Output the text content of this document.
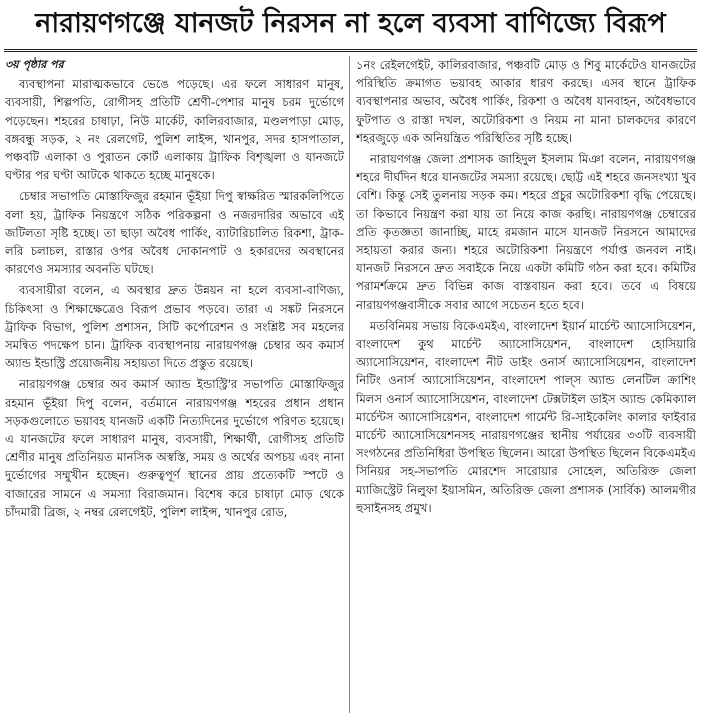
নারায়ণগঞ্জে যানজট নিরসন না হলে ব্যবসা বাণিজ্যে বিরূপ
৩য় পৃষ্ঠার পর

ব্যবস্থাপনা মারাত্মকভাবে ভেঙে পড়েছে। এর ফলে সাধারণ মানুষ, ব্যবসায়ী, শিল্পপতি, রোগীসহ প্রতিটি শ্রেণী-পেশার মানুষ চরম দুর্ভোগে পড়েছেন। শহরের চাষাঢ়া, নিউ মার্কেট, কালিরবাজার, মণ্ডলপাড়া মোড়, বঙ্গবন্ধু সড়ক, ২ নং রেলগেট, পুলিশ লাইন্স, খানপুর, সদর হাসপাতাল, পঞ্চবটি এলাকা ও পুরাতন কোর্ট এলাকায় ট্রাফিক বিশৃঙ্খলা ও যানজটে ঘণ্টার পর ঘণ্টা আটকে থাকতে হচ্ছে মানুষকে।

চেম্বার সভাপতি মোস্তাফিজুর রহমান ভূঁইয়া দিপু স্বাক্ষরিত স্মারকলিপিতে বলা হয়, ট্রাফিক নিয়ন্ত্রণে সঠিক পরিকল্পনা ও নজরদারির অভাবে এই জটিলতা সৃষ্টি হচ্ছে। তা ছাড়া অবৈধ পার্কিং, ব্যাটারিচালিত রিকশা, ট্রাক-লরি চলাচল, রাস্তার ওপর অবৈধ দোকানপাট ও হকারদের অবস্থানের কারণেও সমস্যার অবনতি ঘটছে।

ব্যবসায়ীরা বলেন, এ অবস্থার দ্রুত উন্নয়ন না হলে ব্যবসা-বাণিজ্য, চিকিৎসা ও শিক্ষাক্ষেত্রেও বিরূপ প্রভাব পড়বে। তারা এ সঙ্কট নিরসনে ট্রাফিক বিভাগ, পুলিশ প্রশাসন, সিটি কর্পোরেশন ও সংশ্লিষ্ট সব মহলের সমন্বিত পদক্ষেপ চান। ট্রাফিক ব্যবস্থাপনায় নারায়ণগঞ্জ চেম্বার অব কমার্স অ্যান্ড ইন্ডাস্ট্রি প্রয়োজনীয় সহায়তা দিতে প্রস্তুত রয়েছে।

নারায়ণগঞ্জ চেম্বার অব কমার্স অ্যান্ড ইন্ডাস্ট্রি'র সভাপতি মোস্তাফিজুর রহমান ভূঁইয়া দিপু বলেন, বর্তমানে নারায়ণগঞ্জ শহরের প্রধান প্রধান সড়কগুলোতে ভয়াবহ যানজট একটি নিত্যদিনের দুর্ভোগে পরিণত হয়েছে। এ যানজটের ফলে সাধারণ মানুষ, ব্যবসায়ী, শিক্ষার্থী, রোগীসহ প্রতিটি শ্রেণীর মানুষ প্রতিনিয়ত মানসিক অস্বস্তি, সময় ও অর্থের অপচয় এবং নানা দুর্ভোগের সম্মুখীন হচ্ছেন। গুরুত্বপূর্ণ স্থানের প্রায় প্রত্যেকটি স্পটে ও বাজারের সামনে এ সমস্যা বিরাজমান। বিশেষ করে চাষাঢ়া মোড় থেকে চাঁদমারী ব্রিজ, ২ নম্বর রেলগেইট, পুলিশ লাইন্স, খানপুর রোড,

১নং রেইলগেইট, কালিরবাজার, পঞ্চবটি মোড় ও শিবু মার্কেটেও যানজটের পরিস্থিতি ক্রমাগত ভয়াবহ আকার ধারণ করছে। এসব স্থানে ট্রাফিক ব্যবস্থাপনার অভাব, অবৈধ পার্কিং, রিকশা ও অবৈধ যানবাহন, অবৈধভাবে ফুটপাত ও রাস্তা দখল, অটোরিকশা ও নিয়ম না মানা চালকদের কারণে শহরজুড়ে এক অনিয়ন্ত্রিত পরিস্থিতির সৃষ্টি হচ্ছে।

নারায়ণগঞ্জ জেলা প্রশাসক জাহিদুল ইসলাম মিঞা বলেন, নারায়ণগঞ্জ শহরে দীর্ঘদিন ধরে যানজটের সমস্যা রয়েছে। ছোট্ট এই শহরে জনসংখ্যা খুব বেশি। কিন্তু সেই তুলনায় সড়ক কম। শহরে প্রচুর অটোরিকশা বৃদ্ধি পেয়েছে। তা কিভাবে নিয়ন্ত্রণ করা যায় তা নিয়ে কাজ করছি। নারায়ণগঞ্জ চেম্বারের প্রতি কৃতজ্ঞতা জানাচ্ছি, মাহে রমজান মাসে যানজট নিরসনে আমাদের সহায়তা করার জন্য। শহরে অটোরিকশা নিয়ন্ত্রণে পর্যাপ্ত জনবল নাই। যানজট নিরসনে দ্রুত সবাইকে নিয়ে একটা কমিটি গঠন করা হবে। কমিটির পরামর্শক্রমে দ্রুত বিভিন্ন কাজ বাস্তবায়ন করা হবে। তবে এ বিষয়ে নারায়ণগঞ্জবাসীকে সবার আগে সচেতন হতে হবে।

মতবিনিময় সভায় বিকেএমইএ, বাংলাদেশ ইয়ার্ন মার্চেন্ট অ্যাসোসিয়েশন, বাংলাদেশ কুথ মার্চেন্ট অ্যাসোসিয়েশন, বাংলাদেশ হোসিয়ারি অ্যাসোসিয়েশন, বাংলাদেশ নীট ডাইং ওনার্স অ্যাসোসিয়েশন, বাংলাদেশ নিটিং ওনার্স অ্যাসোসিয়েশন, বাংলাদেশ পাল্স অ্যান্ড লেনটিল ক্রাশিং মিলস ওনার্স অ্যাসোসিয়েশন, বাংলাদেশ টেক্সটাইল ডাইস অ্যান্ড কেমিক্যাল মার্চেন্টস অ্যাসোসিয়েশন, বাংলাদেশ গার্মেন্ট রি-সাইকেলিং কালার ফাইবার মার্চেন্ট অ্যাসোসিয়েশনসহ নারায়ণগঞ্জের স্থানীয় পর্যায়ের ৩৩টি ব্যবসায়ী সংগঠনের প্রতিনিধিরা উপস্থিত ছিলেন। আরো উপস্থিত ছিলেন বিকেএমইএ সিনিয়র সহ-সভাপতি মোরশেদ সারোয়ার সোহেল, অতিরিক্ত জেলা ম্যাজিস্ট্রেট নিলুফা ইয়াসমিন, অতিরিক্ত জেলা প্রশাসক (সার্বিক) আলমগীর হুসাইনসহ প্রমুখ।
